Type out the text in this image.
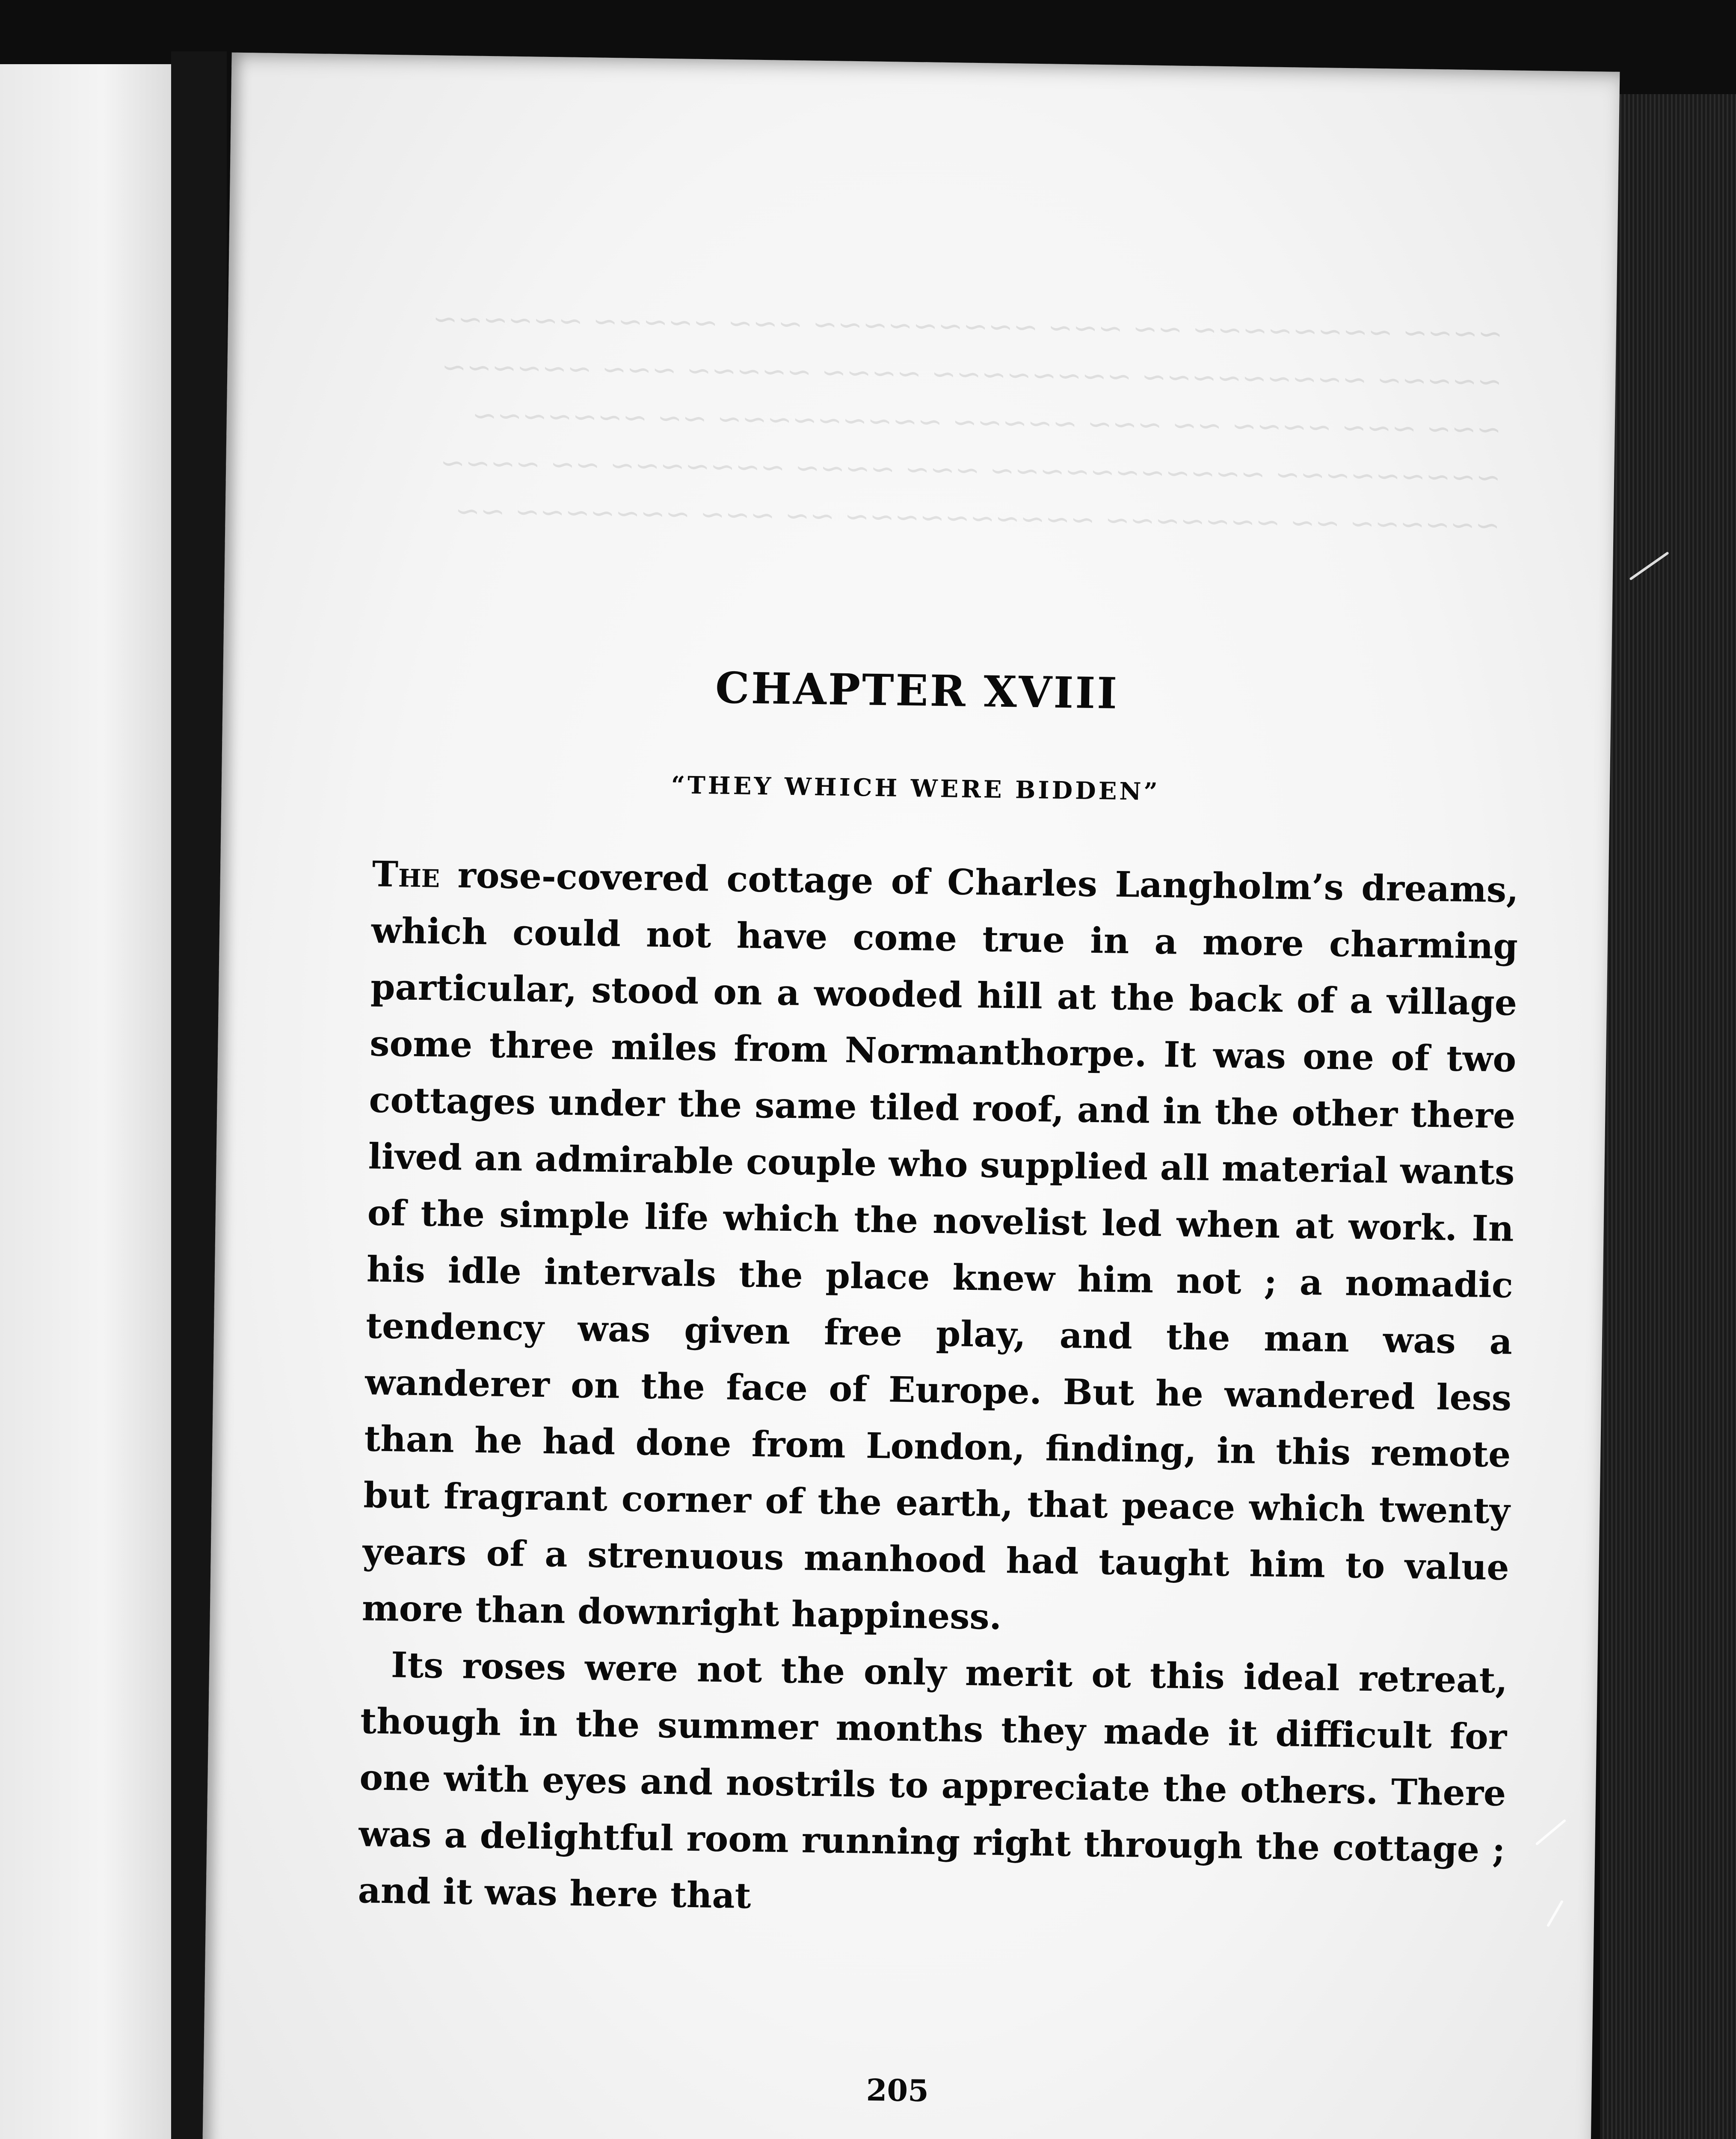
~~~~ ~~~~~~~~ ~~ ~~~ ~~~~~~~~~ ~~~ ~~~~~ ~~~~~~
~~~~~ ~~~~~~~~~ ~~~~~~~~ ~~~~ ~~~~~ ~~~ ~~~~~~
~~~ ~~~ ~~~~ ~~ ~~~ ~~~~~ ~~~~~~~~~ ~~ ~~~~~~~
~~~~~~~~~ ~~~~~~~~~~~ ~~~ ~~~~ ~~~~~~~ ~~ ~~~~
~~~~~~ ~~ ~~~~~~~ ~~~~~~~~~~ ~~ ~~~ ~~~~~~~ ~~
CHAPTER XVIII
“THEY WHICH WERE BIDDEN”

The rose-covered cottage of Charles Langholm’s dreams, which could not have come true in a more charming particular, stood on a wooded hill at the back of a village some three miles from Normanthorpe. It was one of two cottages under the same tiled roof, and in the other there lived an admirable couple who supplied all material wants of the simple life which the novelist led when at work. In his idle intervals the place knew him not ; a nomadic tendency was given free play, and the man was a wanderer on the face of Europe. But he wandered less than he had done from London, finding, in this remote but fragrant corner of the earth, that peace which twenty years of a strenuous manhood had taught him to value more than downright happiness.

Its roses were not the only merit ot this ideal retreat, though in the summer months they made it difficult for one with eyes and nostrils to appreciate the others. There was a delightful room running right through the cottage ; and it was here that

205
